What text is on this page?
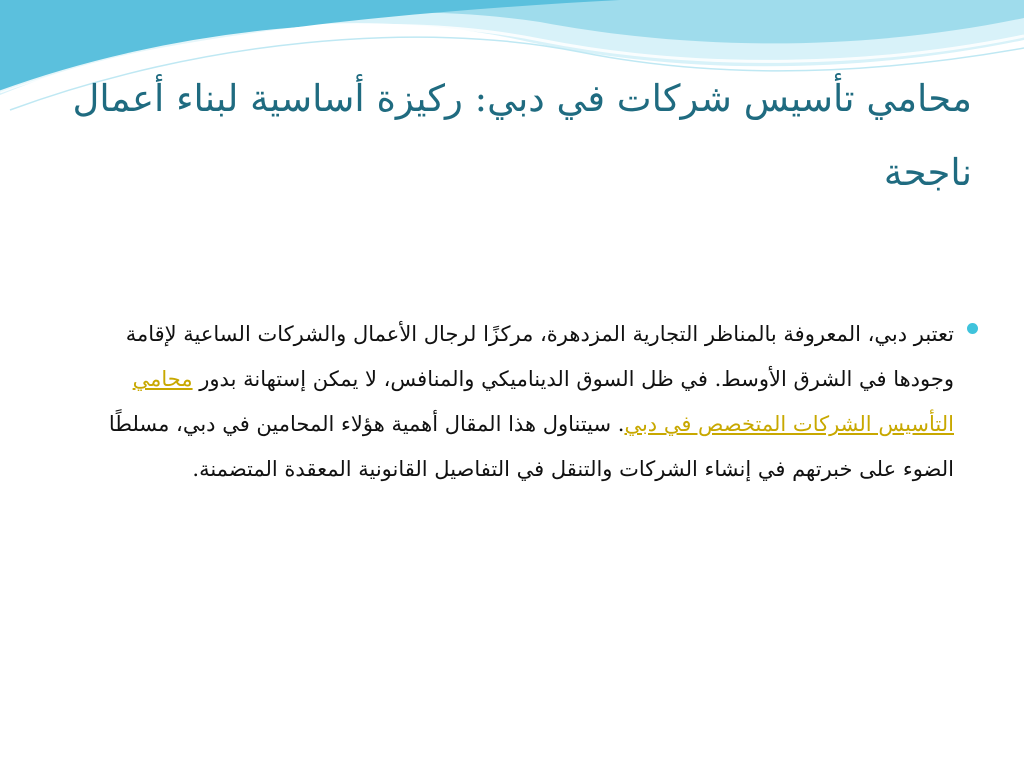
محامي تأسيس شركات في دبي: ركيزة أساسية لبناء أعمال ناجحة

تعتبر دبي، المعروفة بالمناظر التجارية المزدهرة، مركزًا لرجال الأعمال والشركات الساعية لإقامة وجودها في الشرق الأوسط. في ظل السوق الديناميكي والمنافس، لا يمكن إستهانة بدور محامي التأسيس الشركات المتخصص في دبي. سيتناول هذا المقال أهمية هؤلاء المحامين في دبي، مسلطًا الضوء على خبرتهم في إنشاء الشركات والتنقل في التفاصيل القانونية المعقدة المتضمنة.
